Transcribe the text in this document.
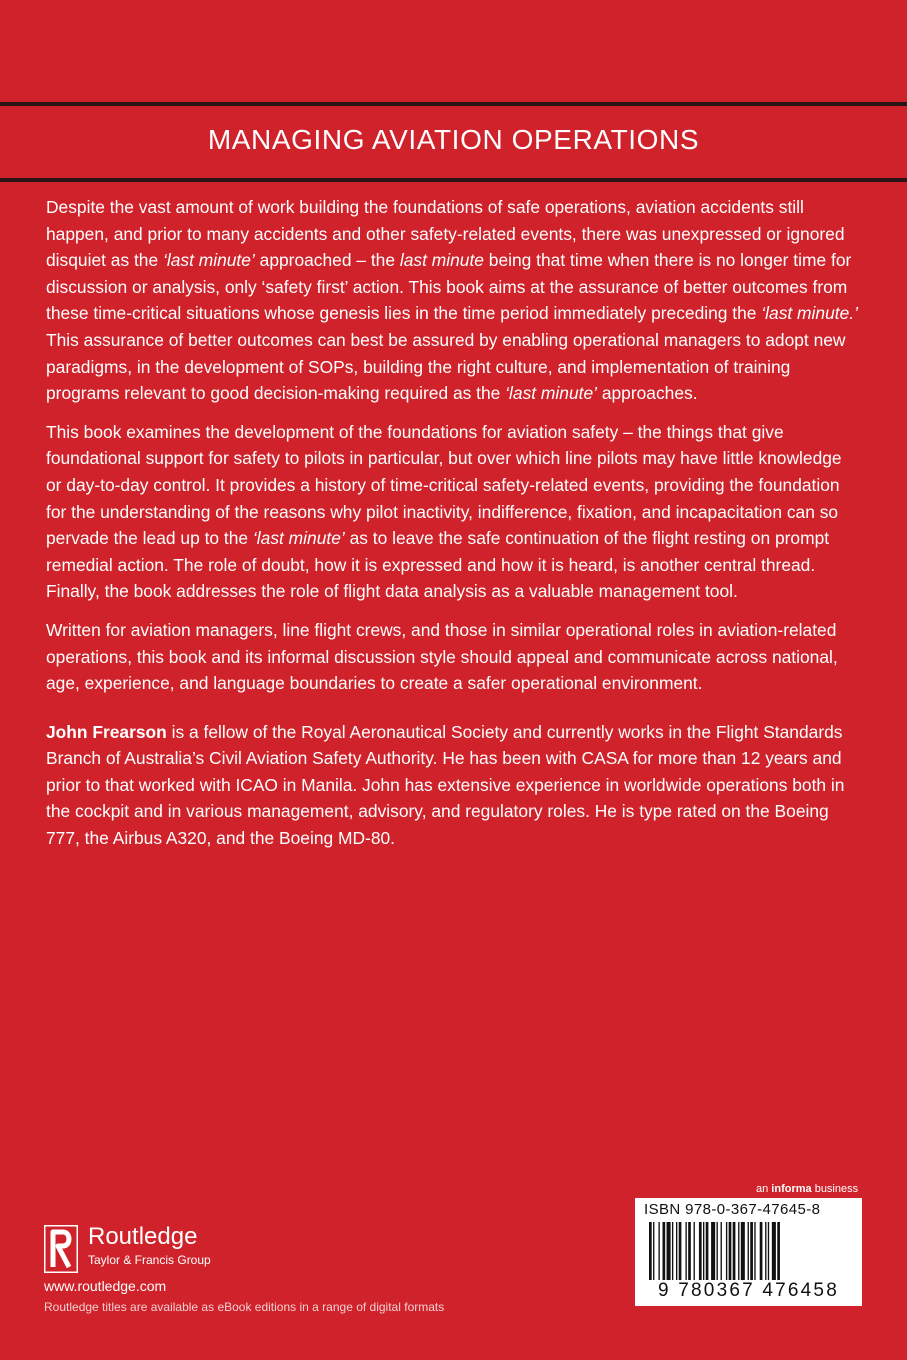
MANAGING AVIATION OPERATIONS

Despite the vast amount of work building the foundations of safe operations, aviation accidents still happen, and prior to many accidents and other safety-related events, there was unexpressed or ignored disquiet as the ‘last minute’ approached – the last minute being that time when there is no longer time for discussion or analysis, only ‘safety first’ action. This book aims at the assurance of better outcomes from these time-critical situations whose genesis lies in the time period immediately preceding the ‘last minute.’ This assurance of better outcomes can best be assured by enabling operational managers to adopt new paradigms, in the development of SOPs, building the right culture, and implementation of training programs relevant to good decision-making required as the ‘last minute’ approaches.

This book examines the development of the foundations for aviation safety – the things that give foundational support for safety to pilots in particular, but over which line pilots may have little knowledge or day-to-day control. It provides a history of time-critical safety-related events, providing the foundation for the understanding of the reasons why pilot inactivity, indifference, fixation, and incapacitation can so pervade the lead up to the ‘last minute’ as to leave the safe continuation of the flight resting on prompt remedial action. The role of doubt, how it is expressed and how it is heard, is another central thread. Finally, the book addresses the role of flight data analysis as a valuable management tool.

Written for aviation managers, line flight crews, and those in similar operational roles in aviation-related operations, this book and its informal discussion style should appeal and communicate across national, age, experience, and language boundaries to create a safer operational environment.

John Frearson is a fellow of the Royal Aeronautical Society and currently works in the Flight Standards Branch of Australia’s Civil Aviation Safety Authority. He has been with CASA for more than 12 years and prior to that worked with ICAO in Manila. John has extensive experience in worldwide operations both in the cockpit and in various management, advisory, and regulatory roles. He is type rated on the Boeing 777, the Airbus A320, and the Boeing MD-80.

Routledge
Taylor & Francis Group
www.routledge.com
Routledge titles are available as eBook editions in a range of digital formats
an informa business
ISBN 978-0-367-47645-8
9 780367 476458
